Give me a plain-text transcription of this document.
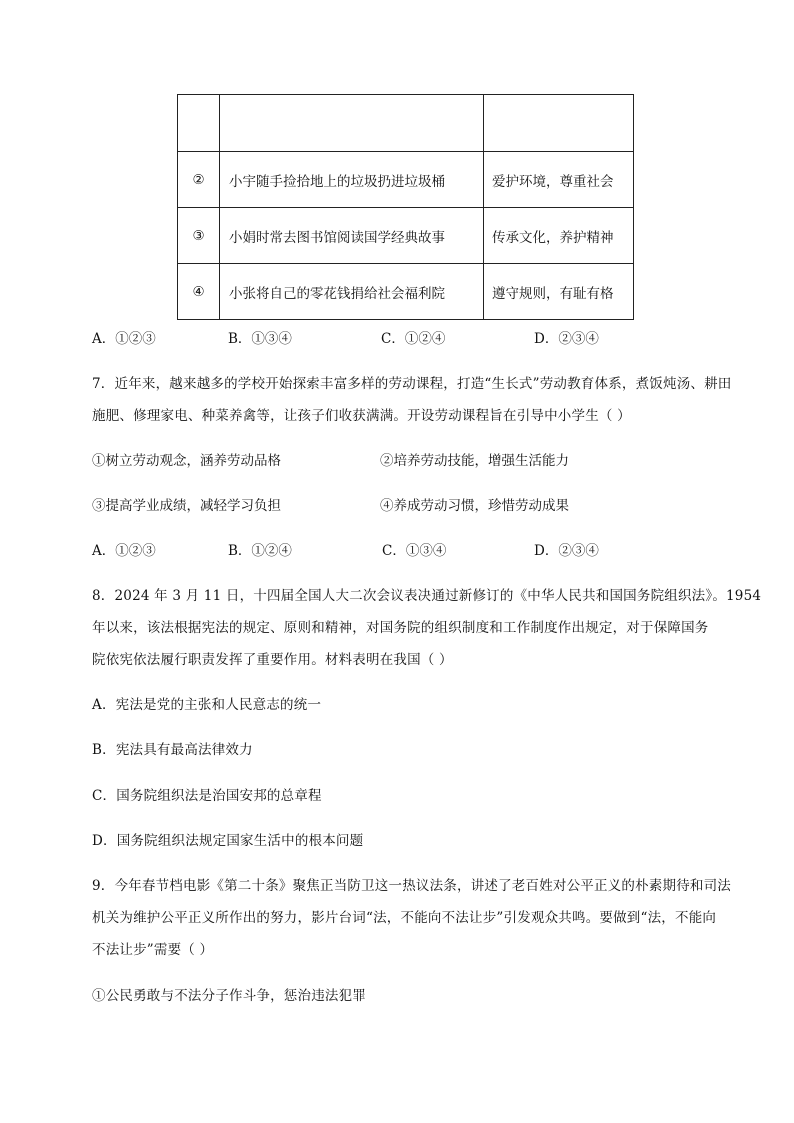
②	小宇随手捡拾地上的垃圾扔进垃圾桶	爱护环境，尊重社会
③	小娟时常去图书馆阅读国学经典故事	传承文化，养护精神
④	小张将自己的零花钱捐给社会福利院	遵守规则，有耻有格
A．①②③	B．①③④	C．①②④	D．②③④
7．近年来，越来越多的学校开始探索丰富多样的劳动课程，打造“生长式”劳动教育体系，煮饭炖汤、耕田
施肥、修理家电、种菜养禽等，让孩子们收获满满。开设劳动课程旨在引导中小学生（ ）
①树立劳动观念，涵养劳动品格	②培养劳动技能，增强生活能力
③提高学业成绩，减轻学习负担	④养成劳动习惯，珍惜劳动成果
A．①②③	B．①②④	C．①③④	D．②③④
8．2024 年 3 月 11 日，十四届全国人大二次会议表决通过新修订的《中华人民共和国国务院组织法》。1954
年以来，该法根据宪法的规定、原则和精神，对国务院的组织制度和工作制度作出规定，对于保障国务
院依宪依法履行职责发挥了重要作用。材料表明在我国（ ）
A．宪法是党的主张和人民意志的统一
B．宪法具有最高法律效力
C．国务院组织法是治国安邦的总章程
D．国务院组织法规定国家生活中的根本问题
9．今年春节档电影《第二十条》聚焦正当防卫这一热议法条，讲述了老百姓对公平正义的朴素期待和司法
机关为维护公平正义所作出的努力，影片台词“法，不能向不法让步”引发观众共鸣。要做到“法，不能向
不法让步”需要（ ）
①公民勇敢与不法分子作斗争，惩治违法犯罪
